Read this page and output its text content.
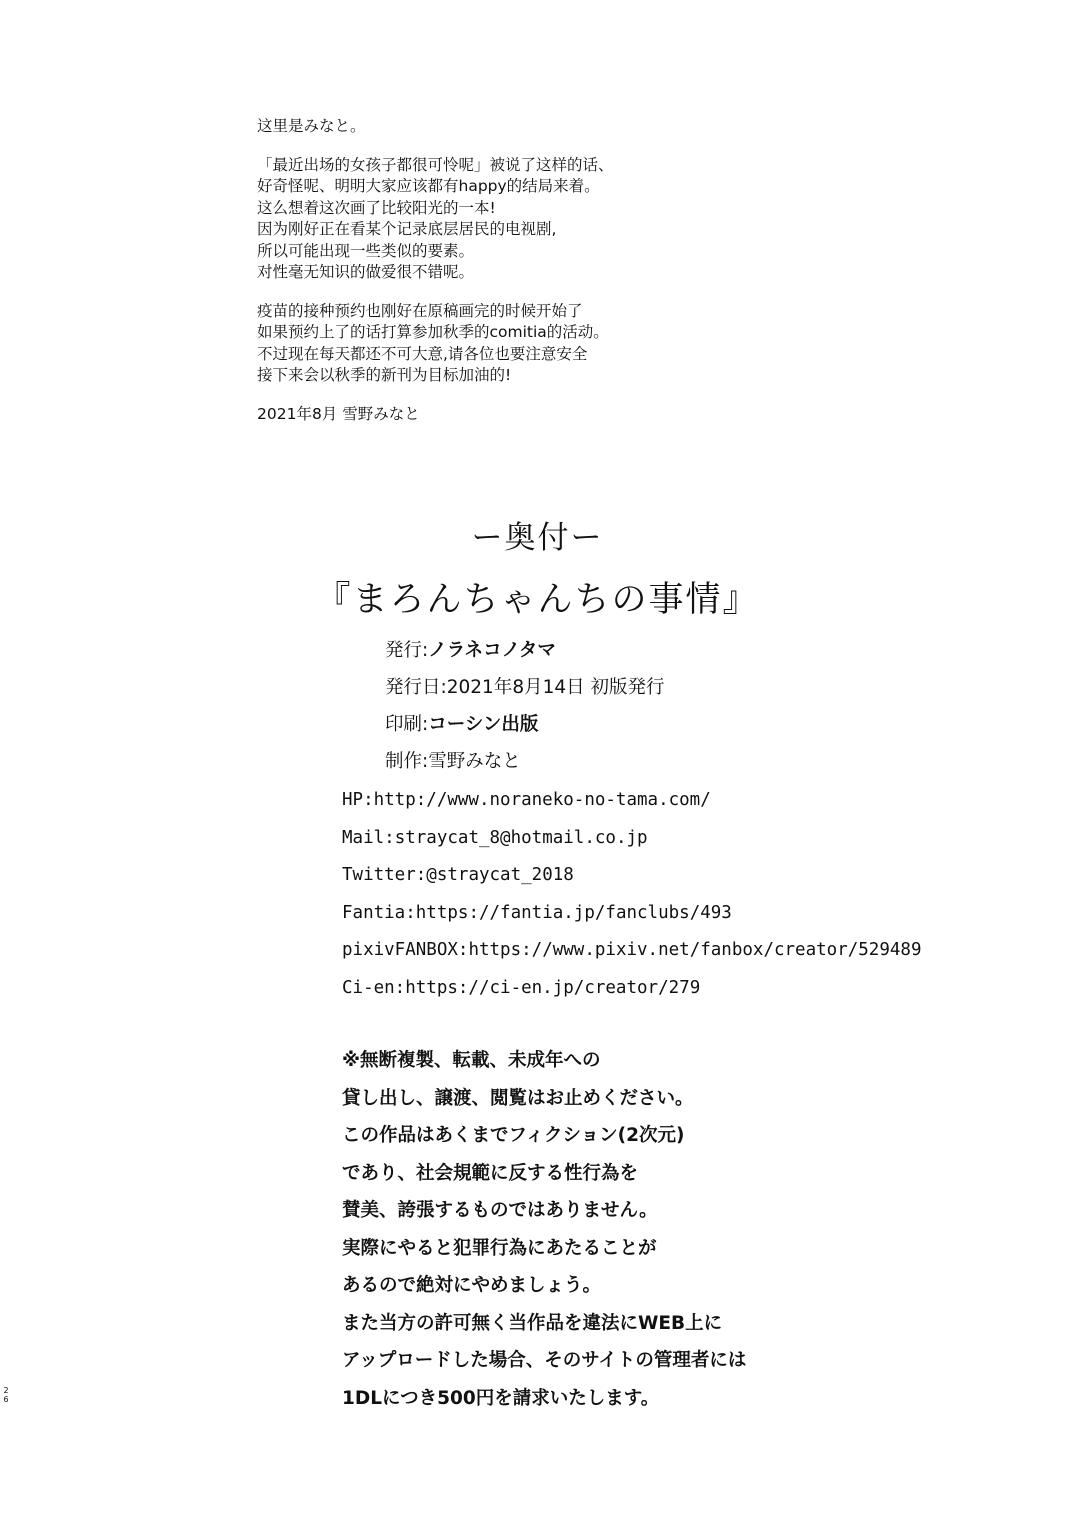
这里是みなと。
「最近出场的女孩子都很可怜呢」被说了这样的话、
好奇怪呢、明明大家应该都有happy的结局来着。
这么想着这次画了比较阳光的一本!
因为刚好正在看某个记录底层居民的电视剧,
所以可能出现一些类似的要素。
对性毫无知识的做爱很不错呢。
疫苗的接种预约也刚好在原稿画完的时候开始了
如果预约上了的话打算参加秋季的comitia的活动。
不过现在每天都还不可大意,请各位也要注意安全
接下来会以秋季的新刊为目标加油的!
2021年8月 雪野みなと
ー奥付ー
『まろんちゃんちの事情』
発行:ノラネコノタマ
発行日:2021年8月14日 初版発行
印刷:コーシン出版
制作:雪野みなと
HP:http://www.noraneko-no-tama.com/
Mail:straycat_8@hotmail.co.jp
Twitter:@straycat_2018
Fantia:https://fantia.jp/fanclubs/493
pixivFANBOX:https://www.pixiv.net/fanbox/creator/529489
Ci-en:https://ci-en.jp/creator/279
※無断複製、転載、未成年への
貸し出し、譲渡、閲覧はお止めください。
この作品はあくまでフィクション(2次元)
であり、社会規範に反する性行為を
賛美、誇張するものではありません。
実際にやると犯罪行為にあたることが
あるので絶対にやめましょう。
また当方の許可無く当作品を違法にWEB上に
アップロードした場合、そのサイトの管理者には
1DLにつき500円を請求いたします。
2
6
